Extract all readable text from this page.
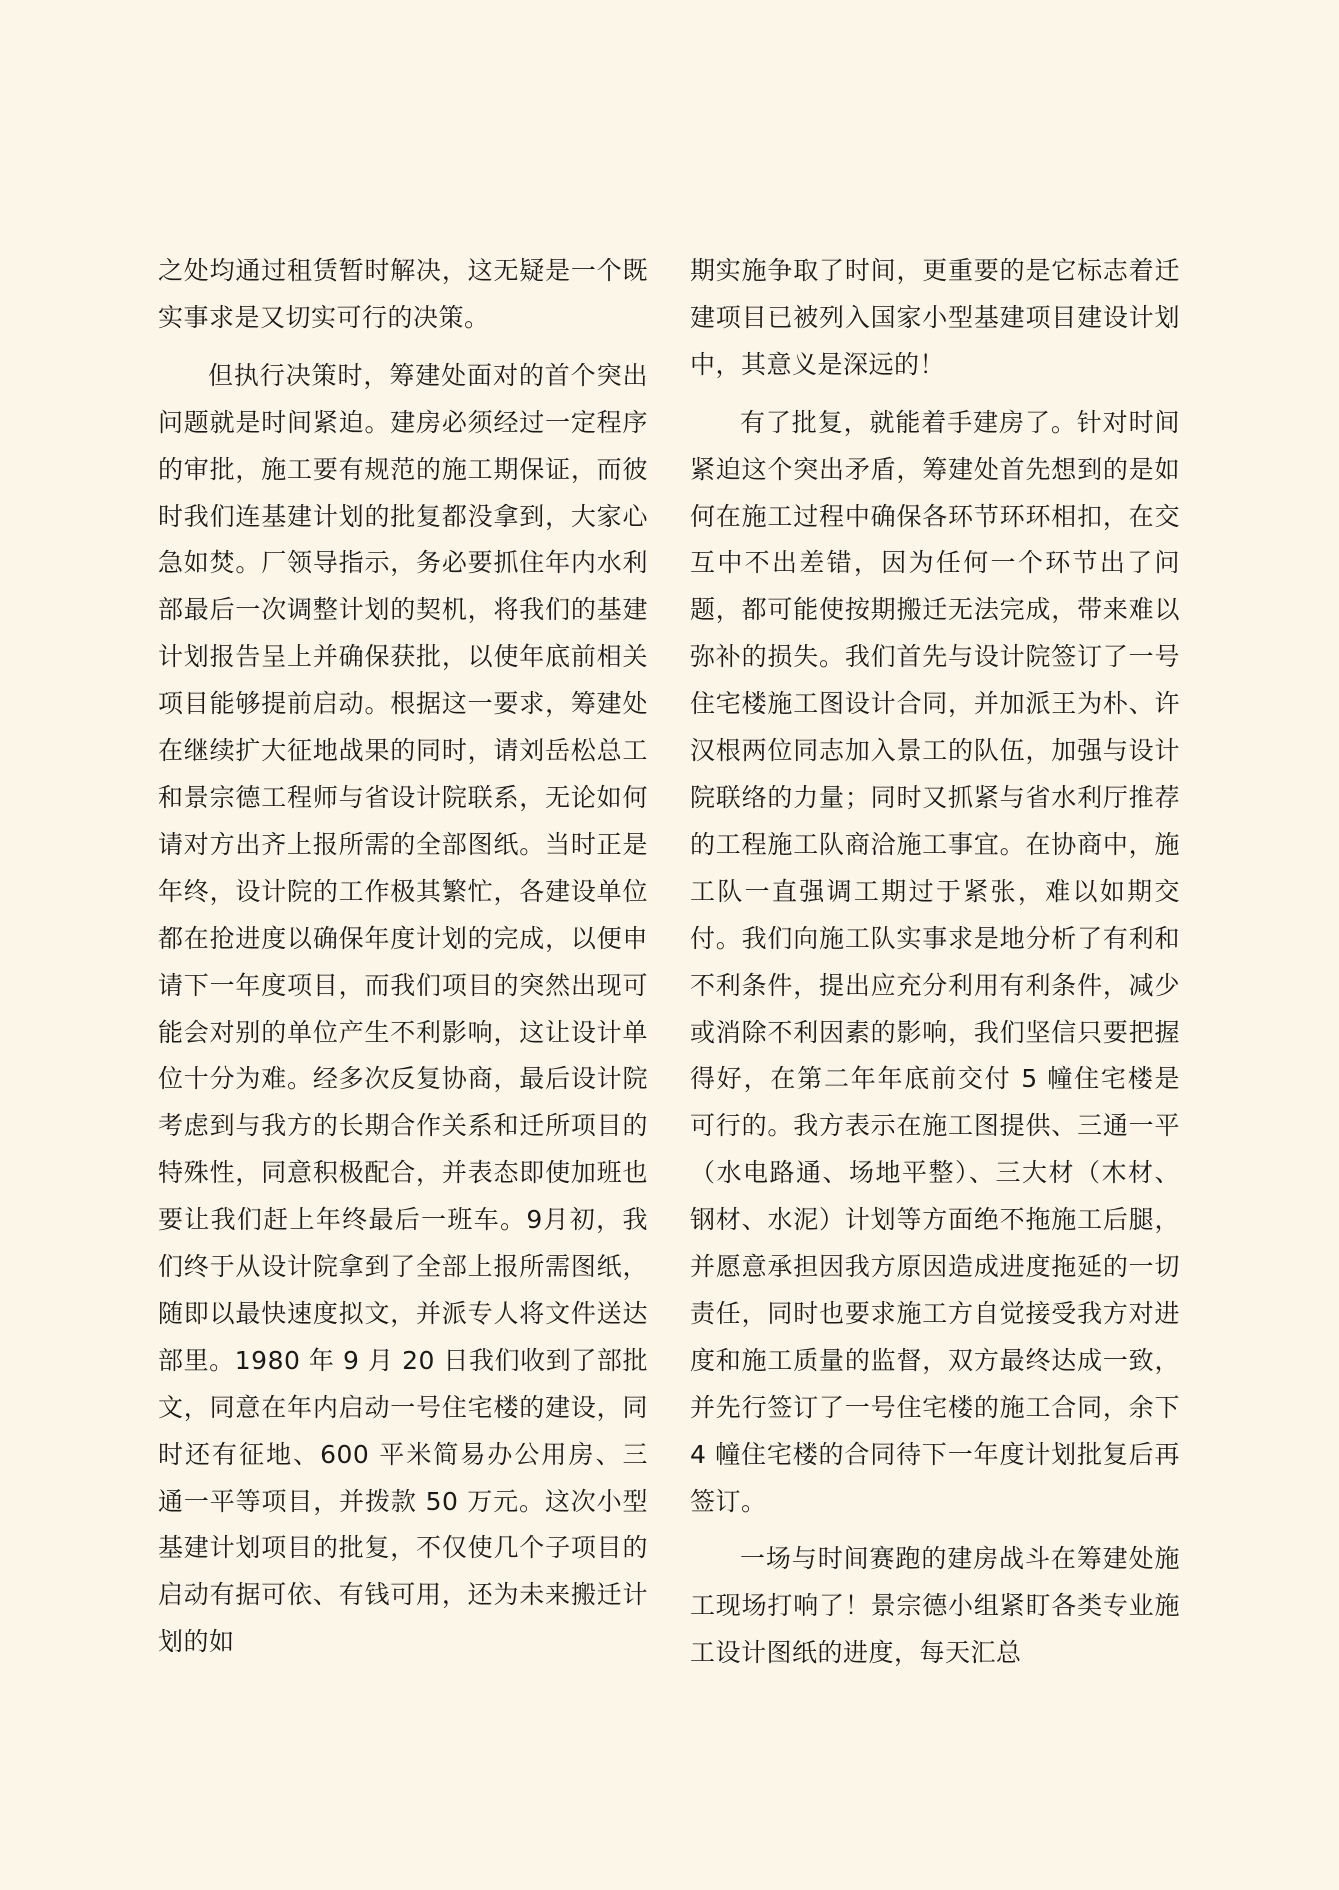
之处均通过租赁暂时解决，这无疑是一个既实事求是又切实可行的决策。

但执行决策时，筹建处面对的首个突出问题就是时间紧迫。建房必须经过一定程序的审批，施工要有规范的施工期保证，而彼时我们连基建计划的批复都没拿到，大家心急如焚。厂领导指示，务必要抓住年内水利部最后一次调整计划的契机，将我们的基建计划报告呈上并确保获批，以使年底前相关项目能够提前启动。根据这一要求，筹建处在继续扩大征地战果的同时，请刘岳松总工和景宗德工程师与省设计院联系，无论如何请对方出齐上报所需的全部图纸。当时正是年终，设计院的工作极其繁忙，各建设单位都在抢进度以确保年度计划的完成，以便申请下一年度项目，而我们项目的突然出现可能会对别的单位产生不利影响，这让设计单位十分为难。经多次反复协商，最后设计院考虑到与我方的长期合作关系和迁所项目的特殊性，同意积极配合，并表态即使加班也要让我们赶上年终最后一班车。9月初，我们终于从设计院拿到了全部上报所需图纸，随即以最快速度拟文，并派专人将文件送达部里。1980 年 9 月 20 日我们收到了部批文，同意在年内启动一号住宅楼的建设，同时还有征地、600 平米简易办公用房、三通一平等项目，并拨款 50 万元。这次小型基建计划项目的批复，不仅使几个子项目的启动有据可依、有钱可用，还为未来搬迁计划的如

期实施争取了时间，更重要的是它标志着迁建项目已被列入国家小型基建项目建设计划中，其意义是深远的！

有了批复，就能着手建房了。针对时间紧迫这个突出矛盾，筹建处首先想到的是如何在施工过程中确保各环节环环相扣，在交互中不出差错，因为任何一个环节出了问题，都可能使按期搬迁无法完成，带来难以弥补的损失。我们首先与设计院签订了一号住宅楼施工图设计合同，并加派王为朴、许汉根两位同志加入景工的队伍，加强与设计院联络的力量；同时又抓紧与省水利厅推荐的工程施工队商洽施工事宜。在协商中，施工队一直强调工期过于紧张，难以如期交付。我们向施工队实事求是地分析了有利和不利条件，提出应充分利用有利条件，减少或消除不利因素的影响，我们坚信只要把握得好，在第二年年底前交付 5 幢住宅楼是可行的。我方表示在施工图提供、三通一平（水电路通、场地平整）、三大材（木材、钢材、水泥）计划等方面绝不拖施工后腿，并愿意承担因我方原因造成进度拖延的一切责任，同时也要求施工方自觉接受我方对进度和施工质量的监督，双方最终达成一致，并先行签订了一号住宅楼的施工合同，余下 4 幢住宅楼的合同待下一年度计划批复后再签订。

一场与时间赛跑的建房战斗在筹建处施工现场打响了！景宗德小组紧盯各类专业施工设计图纸的进度，每天汇总
